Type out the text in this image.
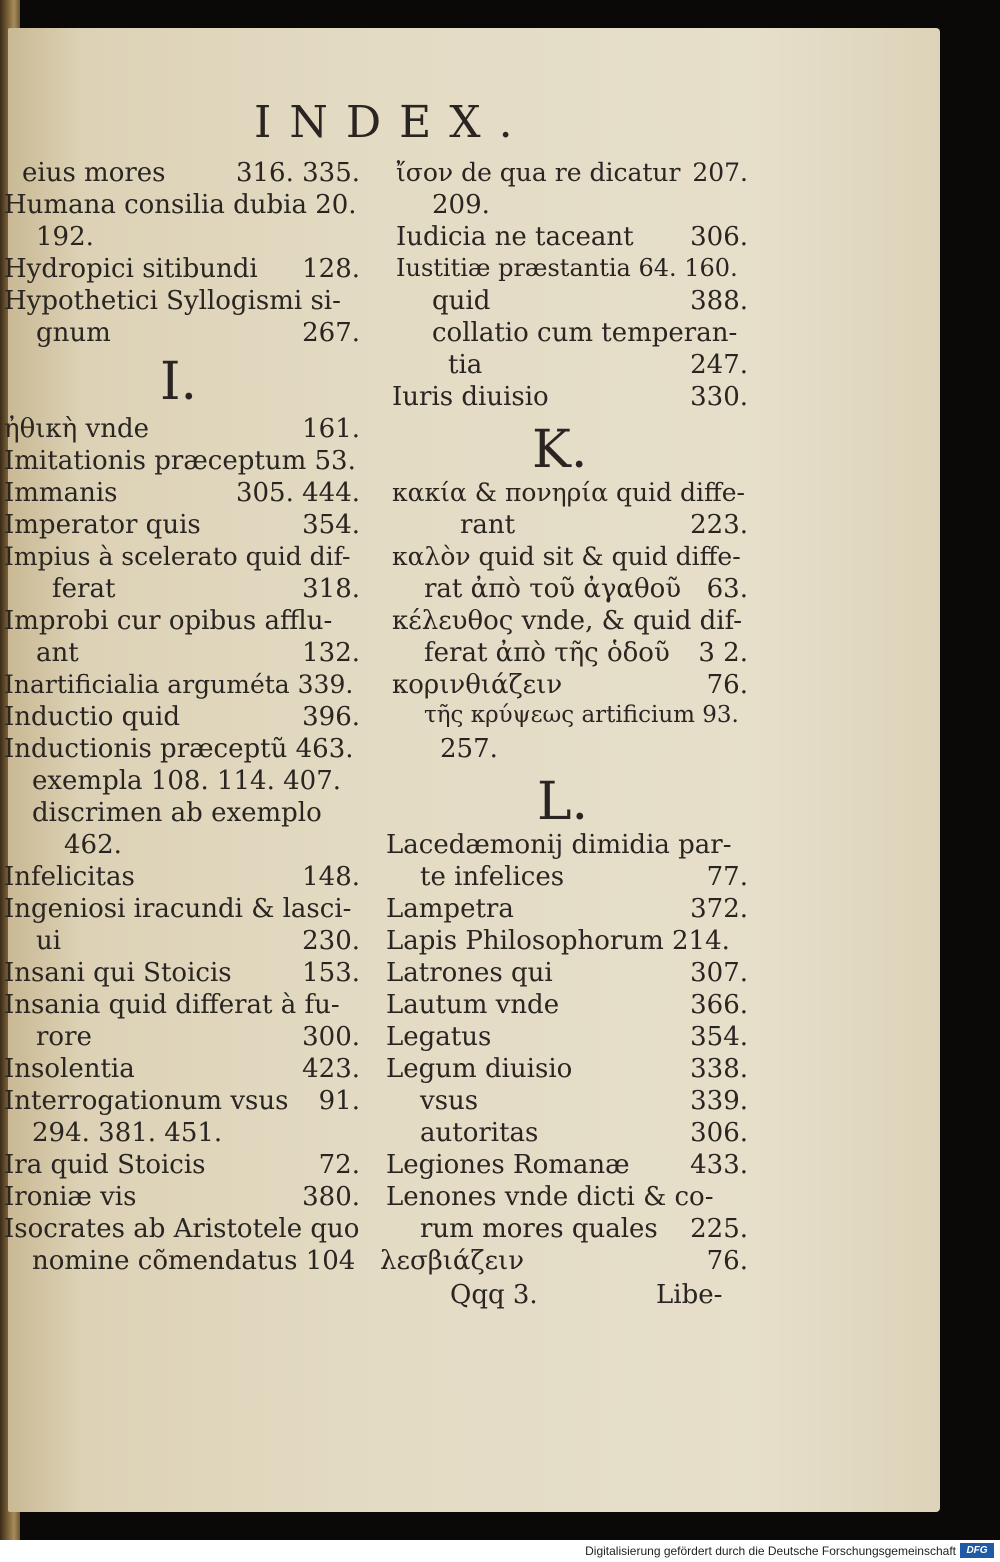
INDEX.
I.
K.
L.
eius mores	316. 335.
Humana consilia dubia 20.
192.
Hydropici sitibundi 128.
Hypothetici Syllogismi si-
gnum	267.
ἠθικὴ vnde	161.
Imitationis præceptum 53.
Immanis	305. 444.
Imperator quis	354.
Impius à scelerato quid dif-
ferat	318.
Improbi cur opibus afflu-
ant	132.
Inartificialia arguméta 339.
Inductio quid	396.
Inductionis præceptũ 463.
exempla 108. 114. 407.
discrimen ab exemplo
462.
Infelicitas	148.
Ingeniosi iracundi & lasci-
ui	230.
Insani qui Stoicis	153.
Insania quid differat à fu-
rore	300.
Insolentia	423.
Interrogationum vsus 91.
294. 381. 451.
Ira quid Stoicis	72.
Ironiæ vis	380.
Isocrates ab Aristotele quo
nomine cõmendatus 104
ἴσον de qua re dicatur 207.
209.
Iudicia ne taceant 306.
Iustitiæ præstantia 64. 160.
quid	388.
collatio cum temperan-
tia	247.
Iuris diuisio	330.
κακία & πονηρία quid diffe-
rant	223.
καλὸν quid sit & quid diffe-
rat ἀπὸ τοῦ ἀγαθοῦ 63.
κέλευθος vnde, & quid dif-
ferat ἀπὸ τῆς ὁδοῦ 3 2.
κορινθιάζειν	76.
τῆς κρύψεως artificium 93.
257.
Lacedæmonij dimidia par-
te infelices	77.
Lampetra	372.
Lapis Philosophorum 214.
Latrones qui	307.
Lautum vnde	366.
Legatus	354.
Legum diuisio	338.
vsus	339.
autoritas	306.
Legiones Romanæ 433.
Lenones vnde dicti & co-
rum mores quales 225.
λεσβιάζειν	76.
Qqq 3.	Libe-
Digitalisierung gefördert durch die Deutsche Forschungsgemeinschaft	DFG
